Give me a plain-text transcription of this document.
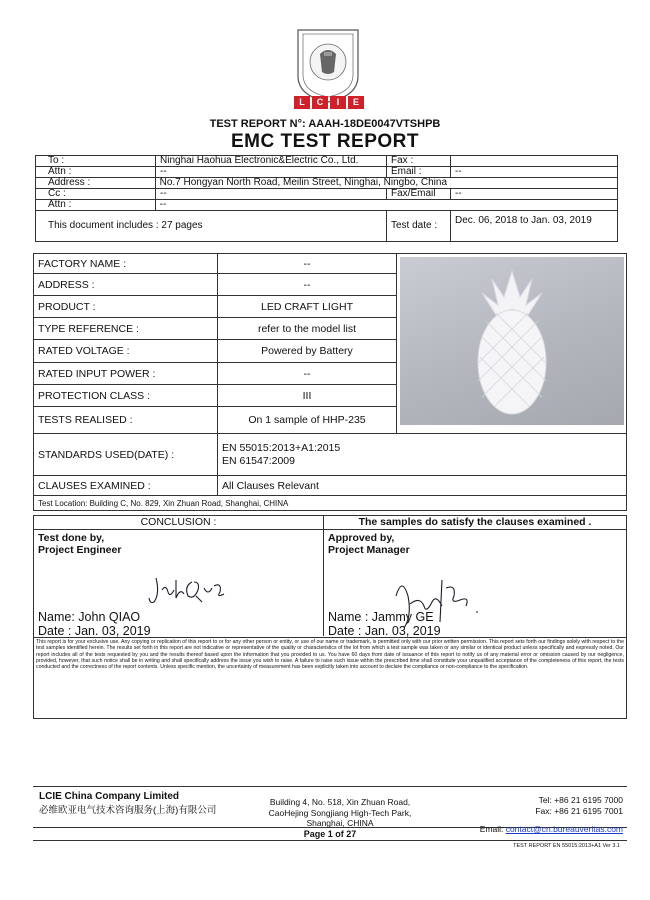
L	C	I	E
TEST REPORT N°: AAAH-18DE0047VTSHPB
EMC TEST REPORT
To :	Ninghai Haohua Electronic&Electric Co., Ltd.	Fax :
Attn :	--	Email :	--
Address :	No.7 Hongyan North Road, Meilin Street, Ninghai, Ningbo, China
Cc :	--	Fax/Email	--
Attn :	--
This document includes : 27 pages	Test date :	Dec. 06, 2018 to Jan. 03, 2019
FACTORY NAME :	--
ADDRESS :	--
PRODUCT :	LED CRAFT LIGHT
TYPE REFERENCE :	refer to the model list
RATED VOLTAGE :	Powered by Battery
RATED INPUT POWER :	--
PROTECTION CLASS :	III
TESTS REALISED :	On 1 sample of HHP-235
STANDARDS USED(DATE) :
EN 55015:2013+A1:2015
EN 61547:2009
CLAUSES EXAMINED :	All Clauses Relevant
Test Location: Building C, No. 829, Xin Zhuan Road, Shanghai, CHINA
CONCLUSION :	The samples do satisfy the clauses examined .
Test done by,
Project Engineer
Name: John QIAO
Date : Jan. 03, 2019
Approved by,
Project Manager
Name : Jammy GE
Date : Jan. 03, 2019
This report is for your exclusive use. Any copying or replication of this report to or for any other person or entity, or use of our name or trademark, is permitted only with our prior written permission. This report sets forth our findings solely with respect to the test samples identified herein. The results set forth in this report are not indicative or representative of the quality or characteristics of the lot from which a test sample was taken or any similar or identical product unless specifically and expressly noted. Our report includes all of the tests requested by you and the results thereof based upon the information that you provided to us. You have 60 days from date of issuance of this report to notify us of any material error or omission caused by our negligence, provided, however, that such notice shall be in writing and shall specifically address the issue you wish to raise. A failure to raise such issue within the prescribed time shall constitute your unqualified acceptance of the completeness of this report, the tests conducted and the correctness of the report contents. Unless specific mention, the uncertainty of measurement has been explicitly taken into account to declare the compliance or non-compliance to the specification.
LCIE China Company Limited
必维欧亚电气技术咨询服务(上海)有限公司
Building 4, No. 518, Xin Zhuan Road,
CaoHejing Songjiang High-Tech Park,
Shanghai, CHINA
Tel: +86 21 6195 7000
Fax: +86 21 6195 7001
Email: contact@cn.bureauveritas.com
Page 1 of 27
TEST REPORT EN 55015:2013+A1 Ver 3.1
